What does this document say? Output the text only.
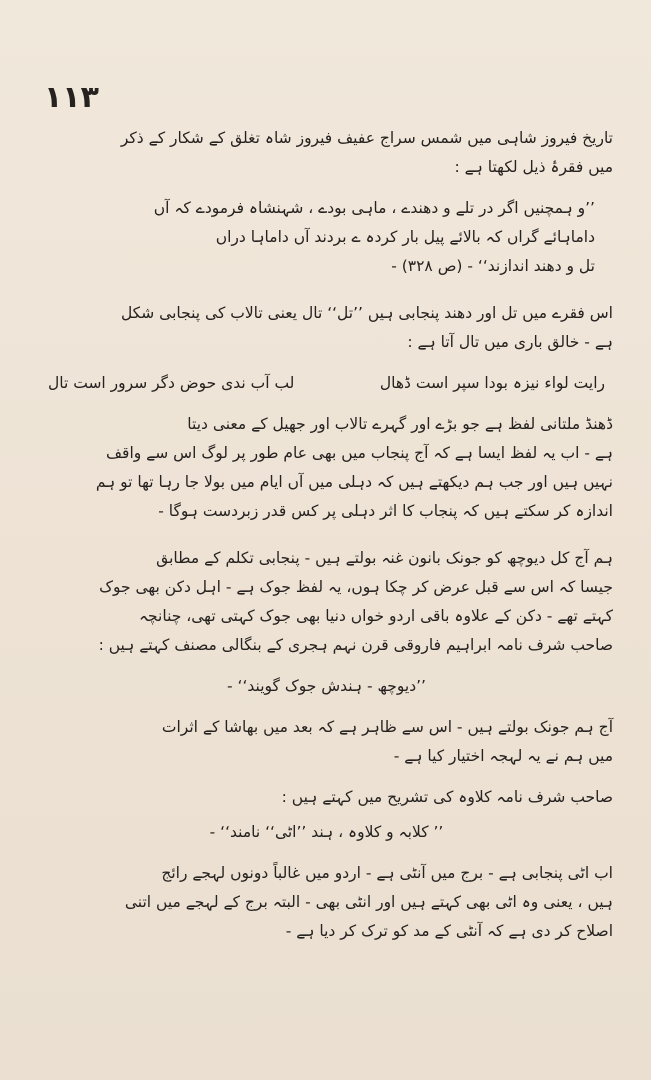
۱۱۳

تاریخ فیروز شاہی میں شمس سراج عفیف فیروز شاہ تغلق کے شکار کے ذکر

میں فقرۂ ذیل لکھتا ہے :

’’و ہمچنیں اگر در تلے و دھندے ، ماہی بودے ، شہنشاہ فرمودے کہ آں

داماہائے گراں کہ بالائے پیل بار کردہ ے بردند آں داماہا دراں

تل و دھند اندازند‘‘ - (ص ۳۲۸) -

اس فقرے میں تل اور دھند پنجابی ہیں ’’تل‘‘ تال یعنی تالاب کی پنجابی شکل

ہے - خالق باری میں تال آتا ہے :

رایت لواء نیزہ بودا سپر است ڈھال
لب آب ندی حوض دگر سرور است تال

ڈھنڈ ملتانی لفظ ہے جو بڑے اور گہرے تالاب اور جھیل کے معنی دیتا

ہے - اب یہ لفظ ایسا ہے کہ آج پنجاب میں بھی عام طور پر لوگ اس سے واقف

نہیں ہیں اور جب ہم دیکھتے ہیں کہ دہلی میں آں ایام میں بولا جا رہا تھا تو ہم

اندازہ کر سکتے ہیں کہ پنجاب کا اثر دہلی پر کس قدر زبردست ہوگا -

ہم آج کل دیوچھ کو جونک بانون غنہ بولتے ہیں - پنجابی تکلم کے مطابق

جیسا کہ اس سے قبل عرض کر چکا ہوں، یہ لفظ جوک ہے - اہل دکن بھی جوک

کہتے تھے - دکن کے علاوہ باقی اردو خواں دنیا بھی جوک کہتی تھی، چنانچہ

صاحب شرف نامہ ابراہیم فاروقی قرن نہم ہجری کے بنگالی مصنف کہتے ہیں :

’’دیوچھ - ہندش جوک گویند‘‘ -

آج ہم جونک بولتے ہیں - اس سے ظاہر ہے کہ بعد میں بھاشا کے اثرات

میں ہم نے یہ لہجہ اختیار کیا ہے -

صاحب شرف نامہ کلاوہ کی تشریح میں کہتے ہیں :

’’ کلابہ و کلاوہ ، ہند ’’اٹی‘‘ نامند‘‘ -

اب اٹی پنجابی ہے - برج میں آنٹی ہے - اردو میں غالباً دونوں لہجے رائج

ہیں ، یعنی وہ اٹی بھی کہتے ہیں اور انٹی بھی - البتہ برج کے لہجے میں اتنی

اصلاح کر دی ہے کہ آنٹی کے مد کو ترک کر دیا ہے -
